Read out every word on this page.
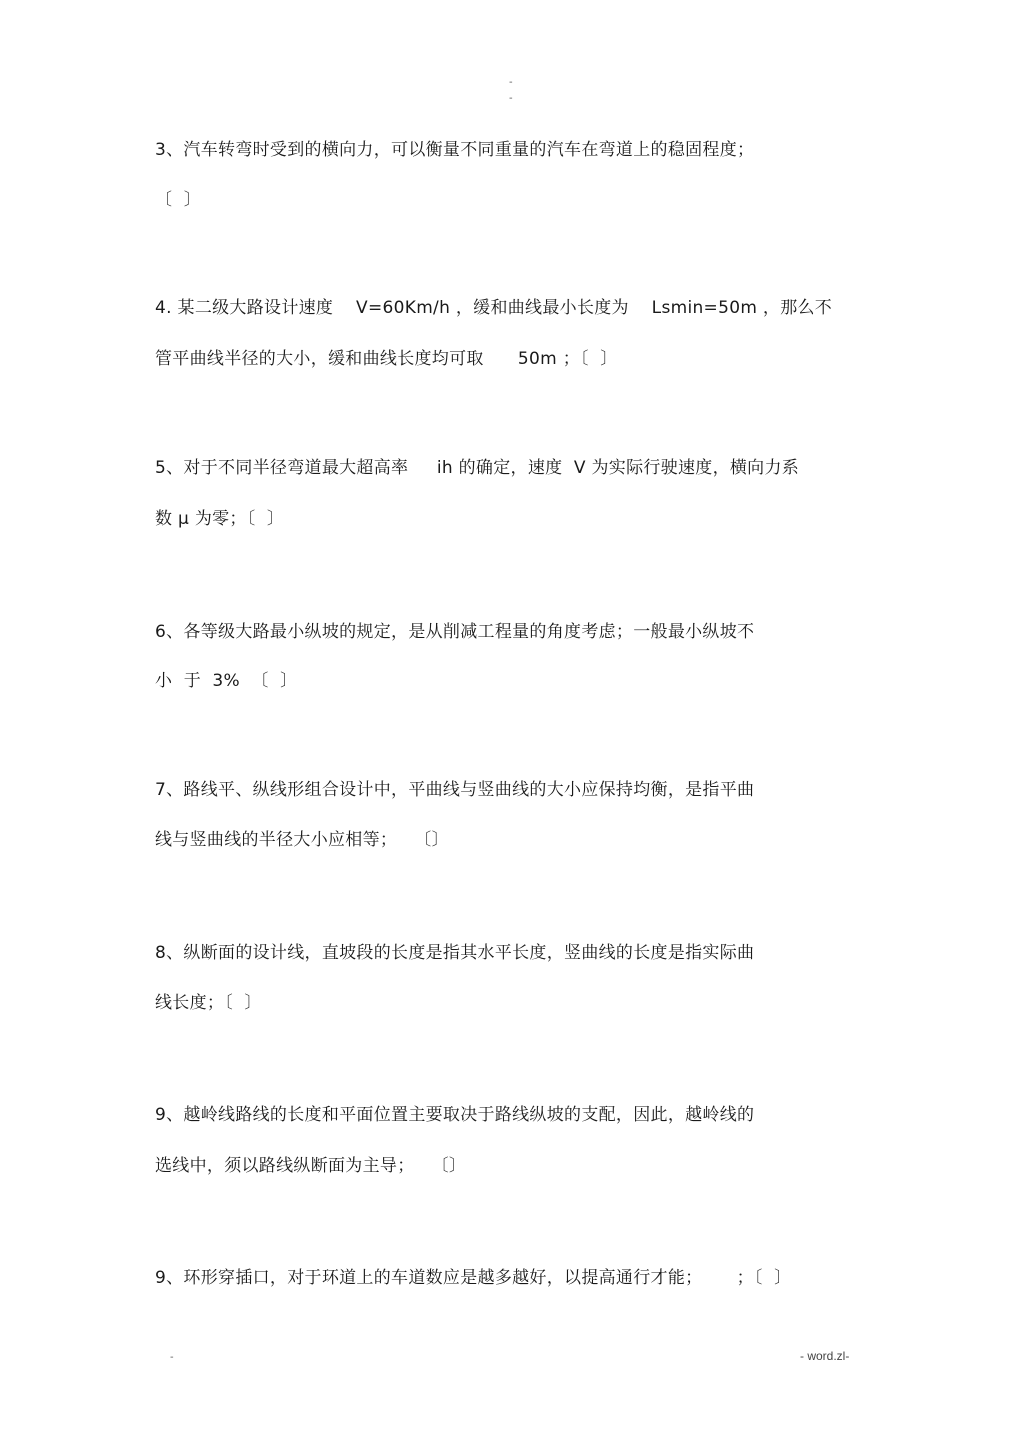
-
-
3、汽车转弯时受到的横向力，可以衡量不同重量的汽车在弯道上的稳固程度；
〔  〕
4. 某二级大路设计速度    V=60Km/h ，缓和曲线最小长度为    Lsmin=50m ，那么不
管平曲线半径的大小，缓和曲线长度均可取      50m ；〔  〕
5、对于不同半径弯道最大超高率     ih 的确定，速度  V 为实际行驶速度，横向力系
数 μ 为零；〔  〕
6、各等级大路最小纵坡的规定，是从削减工程量的角度考虑；一般最小纵坡不
小  于  3%  〔  〕
7、路线平、纵线形组合设计中，平曲线与竖曲线的大小应保持均衡，是指平曲
线与竖曲线的半径大小应相等；   〔〕
8、纵断面的设计线，直坡段的长度是指其水平长度，竖曲线的长度是指实际曲
线长度；〔  〕
9、越岭线路线的长度和平面位置主要取决于路线纵坡的支配，因此，越岭线的
选线中，须以路线纵断面为主导；   〔〕
9、环形穿插口，对于环道上的车道数应是越多越好，以提高通行才能；      ；〔  〕
-	- word.zl-
